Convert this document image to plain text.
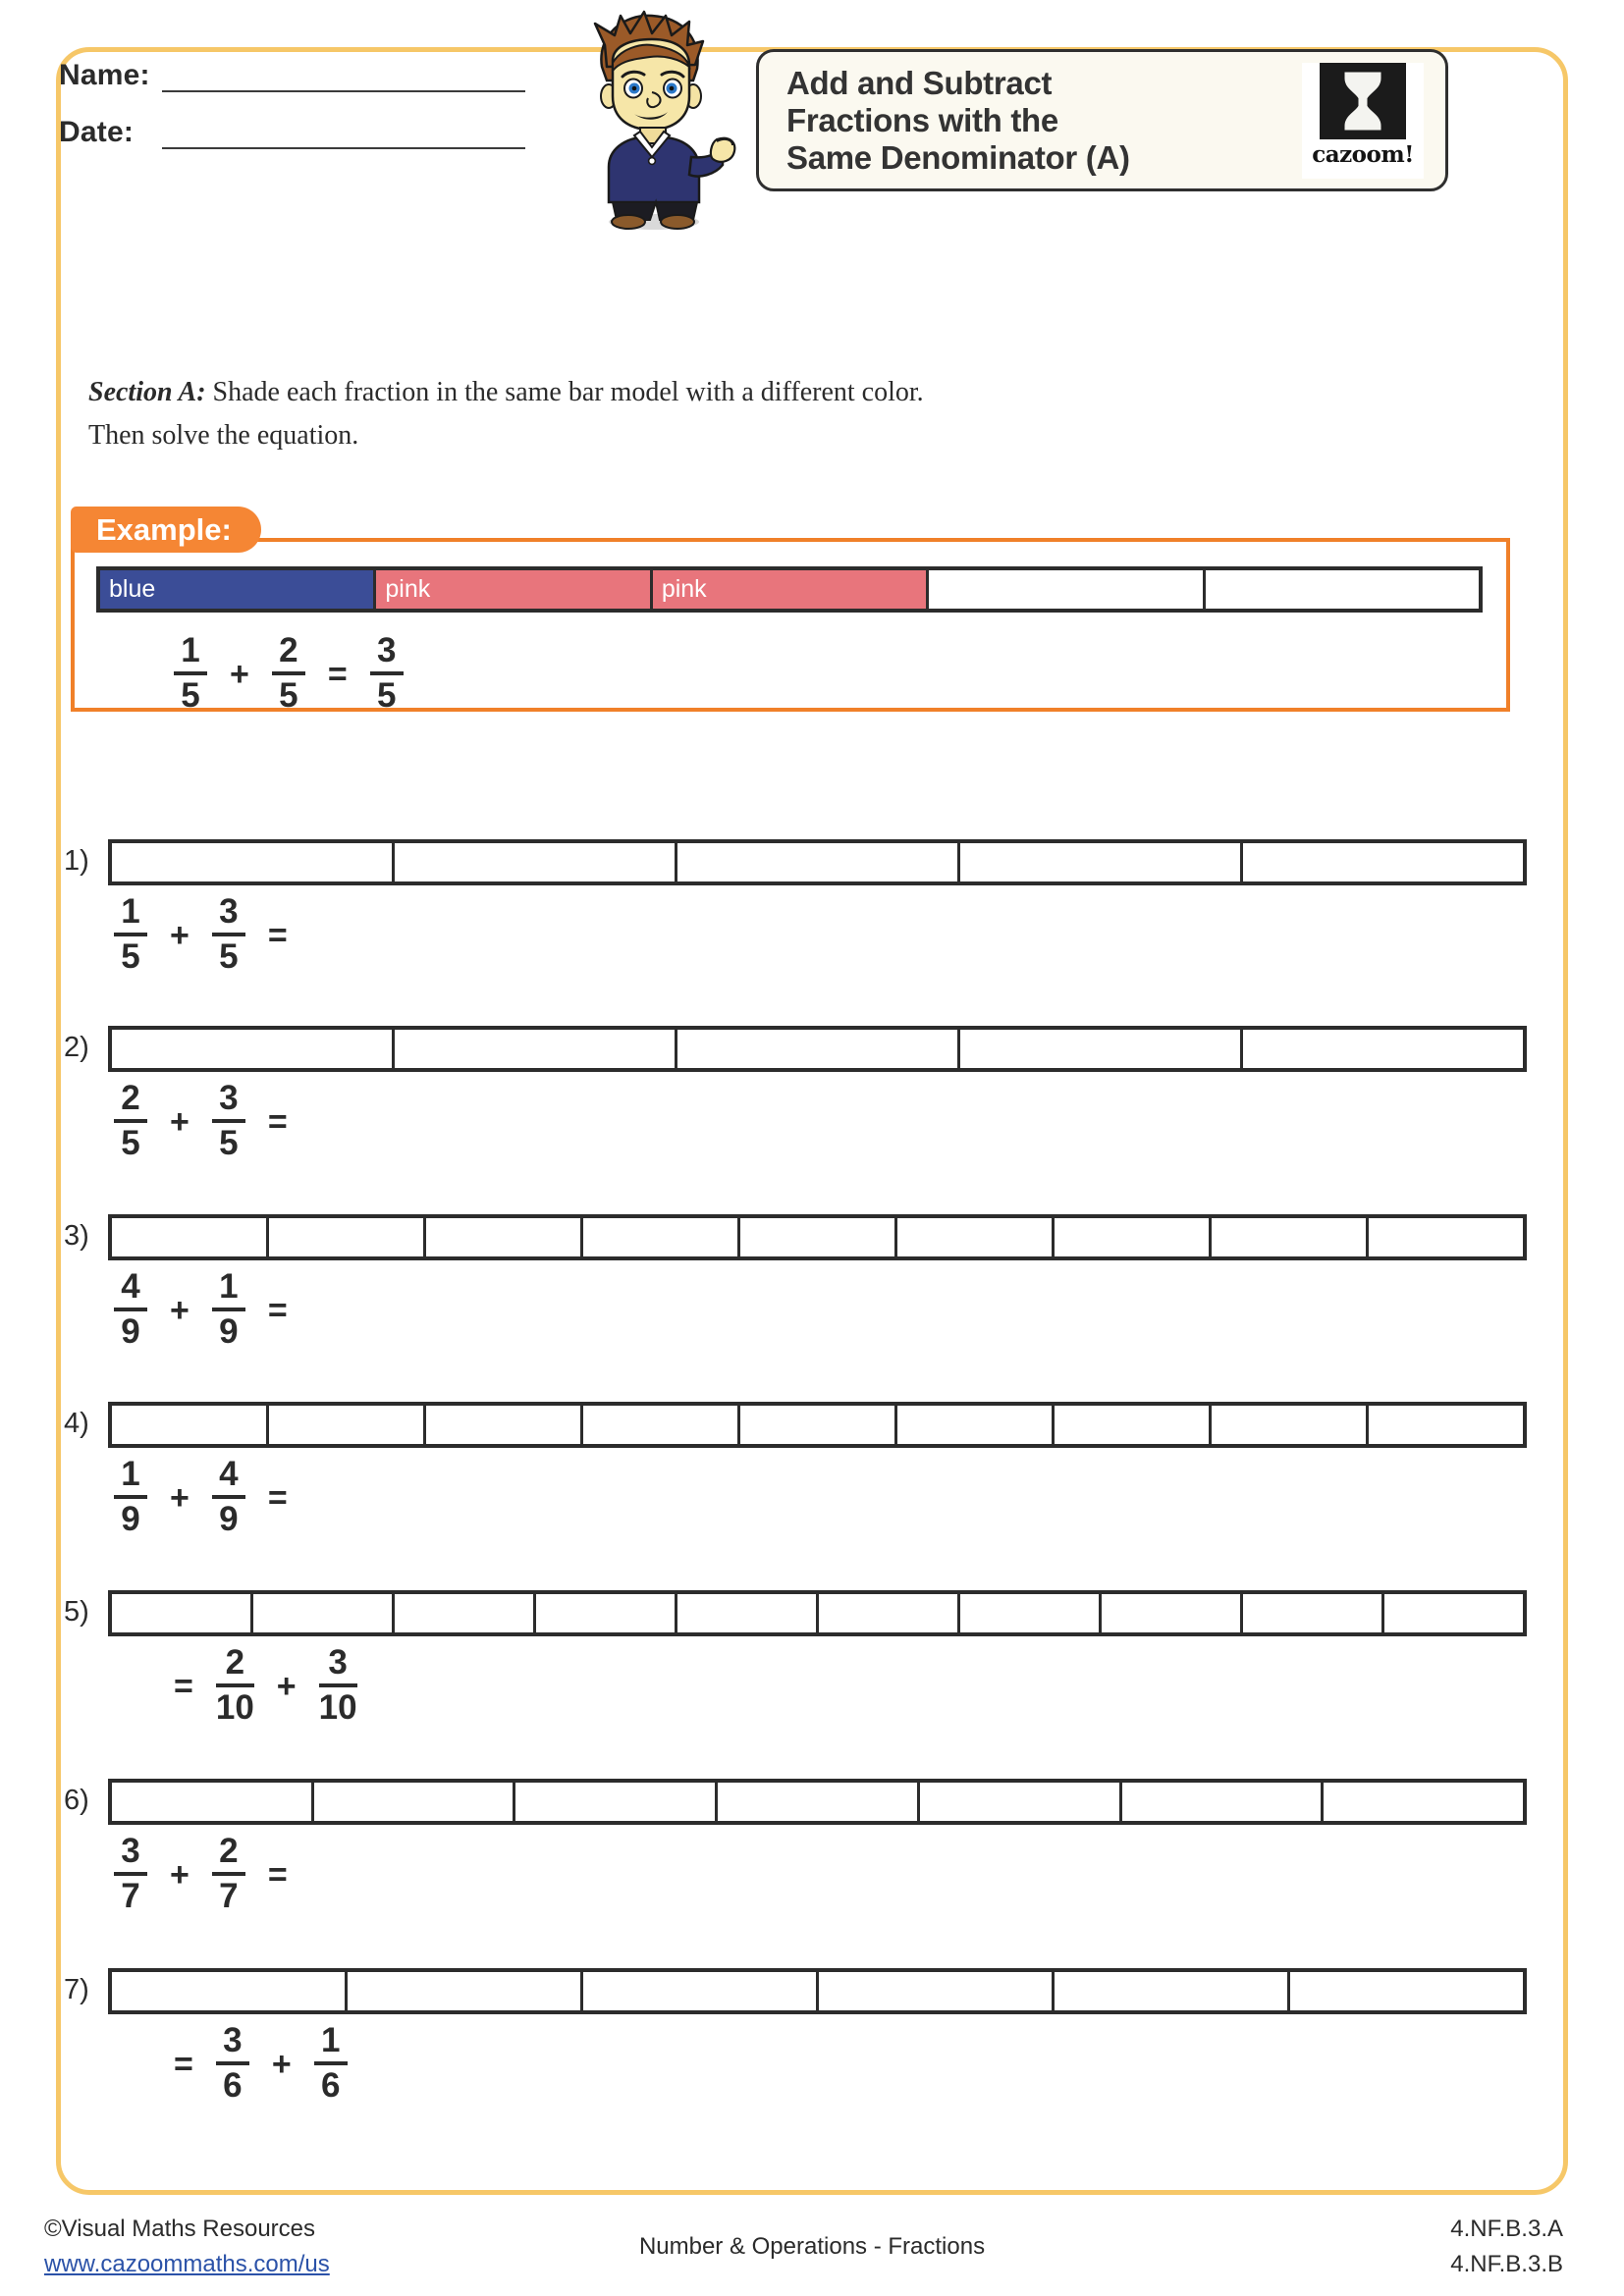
Name:
Date:
Add and Subtract
Fractions with the
Same Denominator (A)	cazoom!
Section A: Shade each fraction in the same bar model with a different color.
Then solve the equation.
Example:
blue	pink	pink
$\frac{1}{5} + \frac{2}{5} = \frac{3}{5}$
1)
$\frac{1}{5} + \frac{3}{5}$ =
2)
$\frac{2}{5} + \frac{3}{5}$ =
3)
$\frac{4}{9} + \frac{1}{9}$ =
4)
$\frac{1}{9} + \frac{4}{9}$ =
5)
= $\frac{2}{10} + \frac{3}{10}$
6)
$\frac{3}{7} + \frac{2}{7}$ =
7)
= $\frac{3}{6} + \frac{1}{6}$
©Visual Maths Resources
www.cazoommaths.com/us
Number & Operations - Fractions
4.NF.B.3.A
4.NF.B.3.B
